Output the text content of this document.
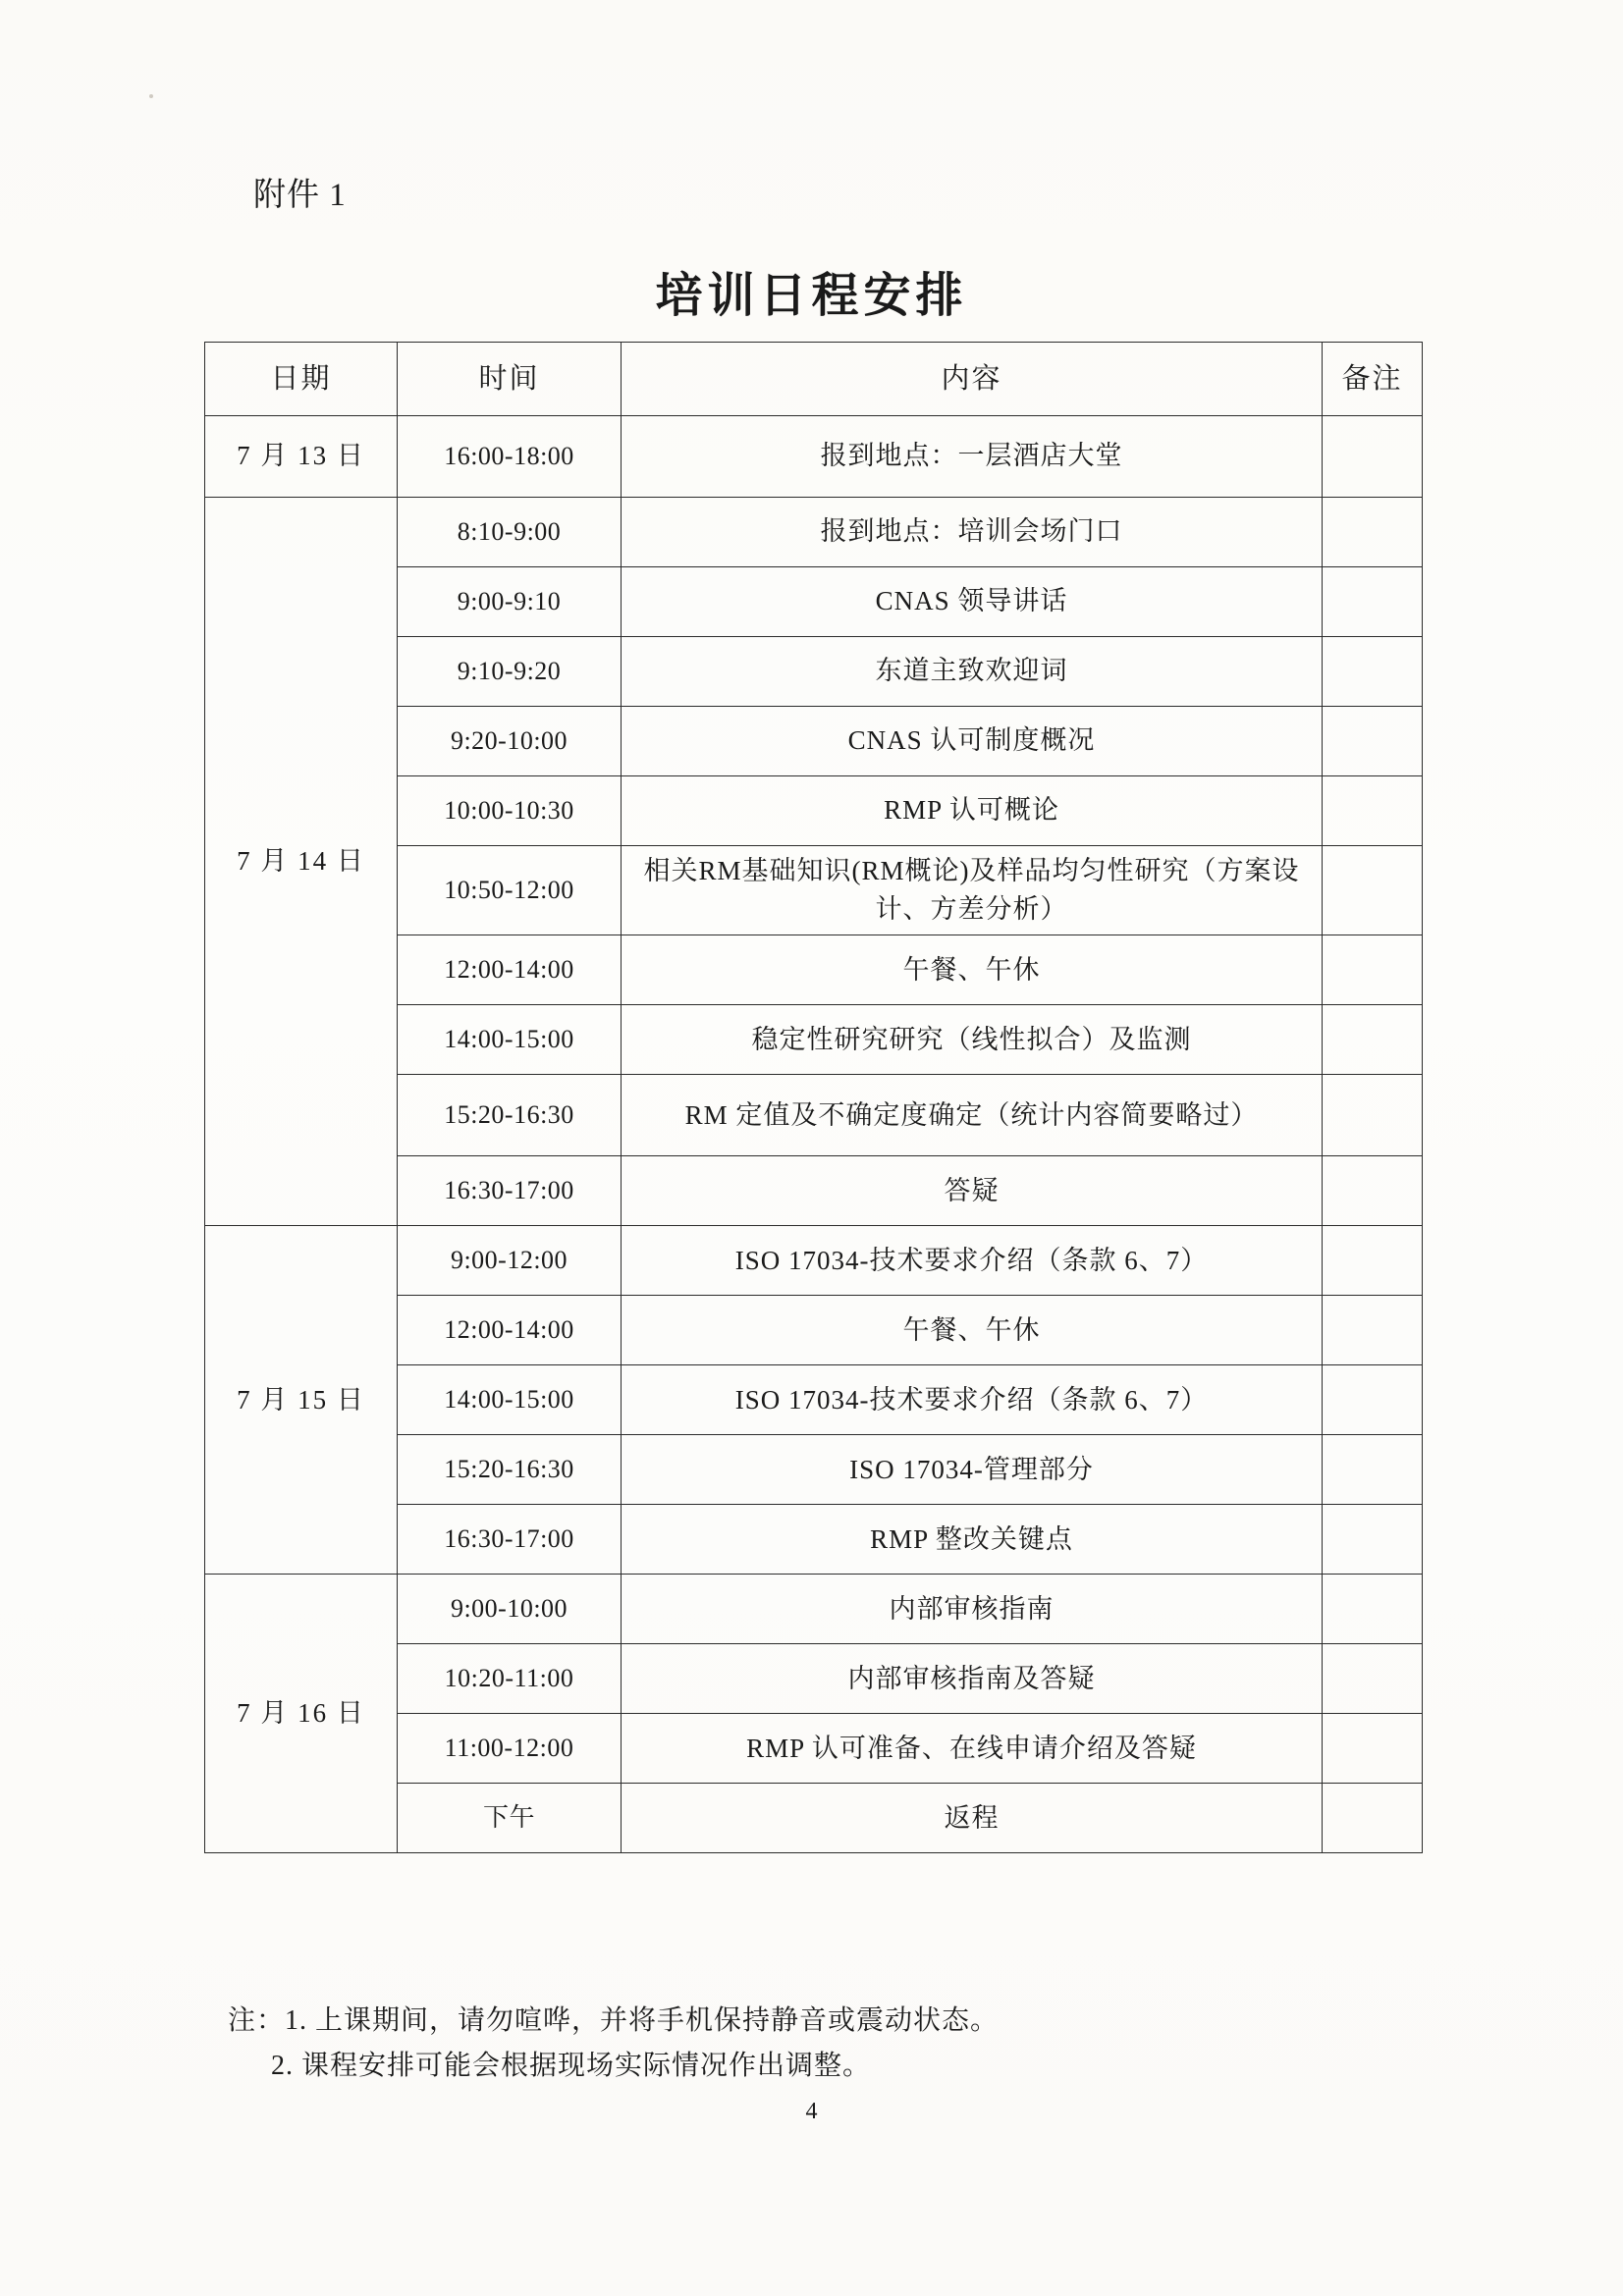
附件 1
培训日程安排
日期	时间	内容	备注
7 月 13 日	16:00-18:00	报到地点：一层酒店大堂	
7 月 14 日	8:10-9:00	报到地点：培训会场门口	
	9:00-9:10	CNAS 领导讲话	
	9:10-9:20	东道主致欢迎词	
	9:20-10:00	CNAS 认可制度概况	
	10:00-10:30	RMP 认可概论	
	10:50-12:00	相关RM基础知识(RM概论)及样品均匀性研究（方案设计、方差分析）	
	12:00-14:00	午餐、午休	
	14:00-15:00	稳定性研究研究（线性拟合）及监测	
	15:20-16:30	RM 定值及不确定度确定（统计内容简要略过）	
	16:30-17:00	答疑	
7 月 15 日	9:00-12:00	ISO 17034-技术要求介绍（条款 6、7）	
	12:00-14:00	午餐、午休	
	14:00-15:00	ISO 17034-技术要求介绍（条款 6、7）	
	15:20-16:30	ISO 17034-管理部分	
	16:30-17:00	RMP 整改关键点	
7 月 16 日	9:00-10:00	内部审核指南	
	10:20-11:00	内部审核指南及答疑	
	11:00-12:00	RMP 认可准备、在线申请介绍及答疑	
	下午	返程	
注：1. 上课期间，请勿喧哗，并将手机保持静音或震动状态。
2. 课程安排可能会根据现场实际情况作出调整。
4
